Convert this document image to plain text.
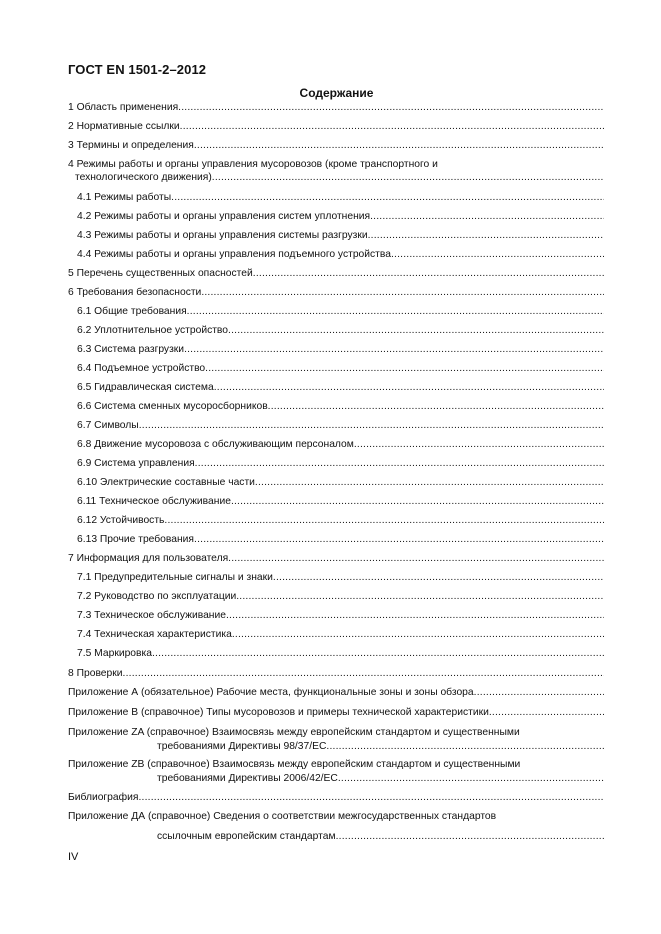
ГОСТ EN 1501-2–2012
Содержание
1 Область применения
.....
2 Нормативные ссылки
.....
3 Термины и определения
.....
4 Режимы работы и органы управления мусоровозов (кроме транспортного и
технологического движения)
.....
4.1 Режимы работы
.....
4.2 Режимы работы и органы управления систем уплотнения
.....
4.3 Режимы работы и органы управления системы разгрузки
.....
4.4 Режимы работы и органы управления подъемного устройства
.....
5 Перечень существенных опасностей
.....
6 Требования безопасности
.....
6.1 Общие требования
.....
6.2 Уплотнительное устройство
.....
6.3 Система разгрузки
.....
6.4 Подъемное устройство
.....
6.5 Гидравлическая система
.....
6.6 Система сменных мусоросборников
.....
6.7 Символы
.....
6.8 Движение мусоровоза с обслуживающим персоналом
.....
6.9 Система управления
.....
6.10 Электрические составные части
.....
6.11 Техническое обслуживание
.....
6.12 Устойчивость
.....
6.13 Прочие требования
.....
7 Информация для пользователя
.....
7.1 Предупредительные сигналы и знаки
.....
7.2 Руководство по эксплуатации
.....
7.3 Техническое обслуживание
.....
7.4 Техническая характеристика
.....
7.5 Маркировка
.....
8 Проверки
.....
Приложение А (обязательное) Рабочие места, функциональные зоны и зоны обзора
.....
Приложение В (справочное) Типы мусоровозов и примеры технической характеристики
.....
Приложение ZA (справочное) Взаимосвязь между европейским стандартом и существенными
требованиями Директивы 98/37/ЕС
.....
Приложение ZB (справочное) Взаимосвязь между европейским стандартом и существенными
требованиями Директивы 2006/42/ЕС
.....
Библиография
.....
Приложение ДА (справочное) Сведения о соответствии межгосударственных стандартов
ссылочным европейским стандартам
.....
IV
